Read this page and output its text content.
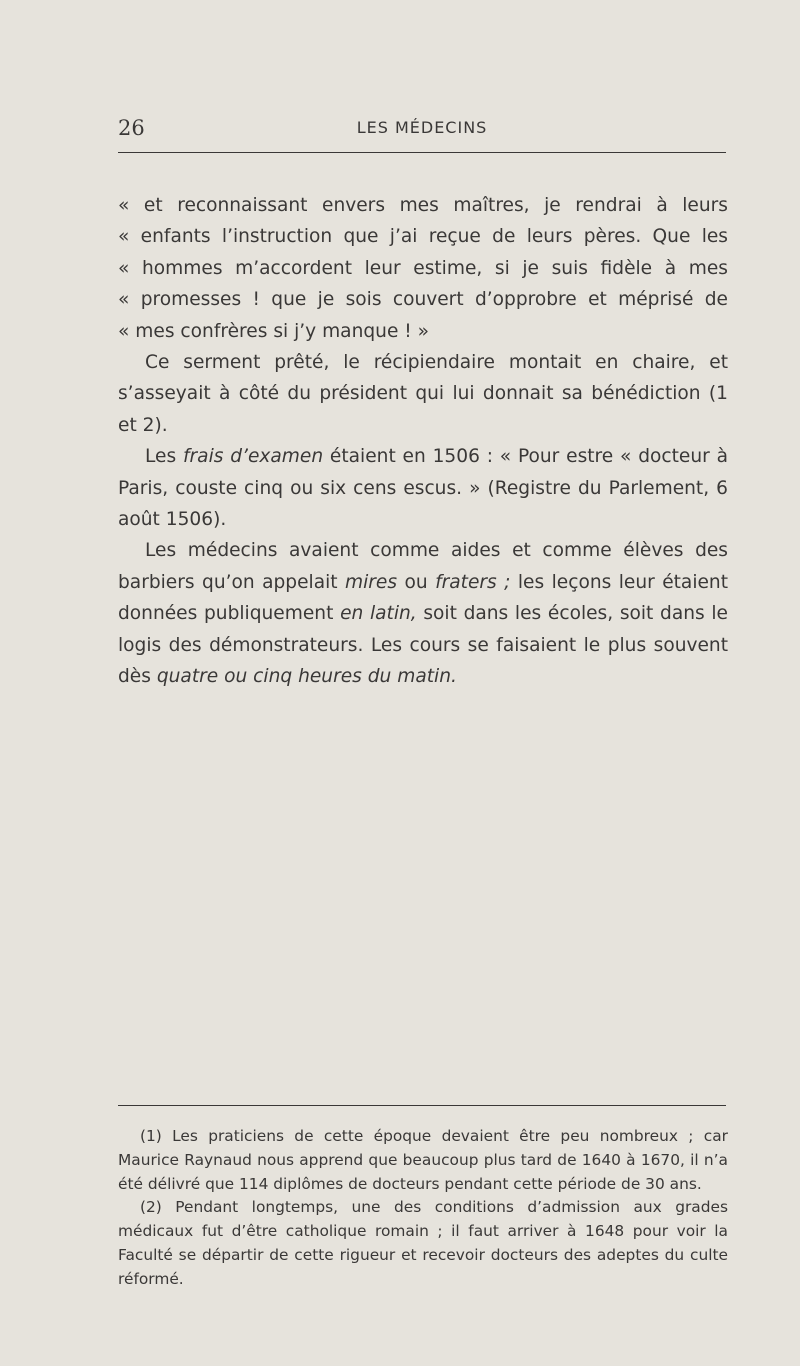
26	LES MÉDECINS

« et reconnaissant envers mes maîtres, je rendrai à leurs
« enfants l’instruction que j’ai reçue de leurs pères. Que les
« hommes m’accordent leur estime, si je suis fidèle à mes
« promesses ! que je sois couvert d’opprobre et méprisé de
« mes confrères si j’y manque ! »

Ce serment prêté, le récipiendaire montait en chaire, et s’asseyait à côté du président qui lui donnait sa bénédiction (1 et 2).

Les frais d’examen étaient en 1506 : « Pour estre « docteur à Paris, couste cinq ou six cens escus. » (Registre du Parlement, 6 août 1506).

Les médecins avaient comme aides et comme élèves des barbiers qu’on appelait mires ou fraters ; les leçons leur étaient données publiquement en latin, soit dans les écoles, soit dans le logis des démonstrateurs. Les cours se faisaient le plus souvent dès quatre ou cinq heures du matin.

(1) Les praticiens de cette époque devaient être peu nombreux ; car Maurice Raynaud nous apprend que beaucoup plus tard de 1640 à 1670, il n’a été délivré que 114 diplômes de docteurs pendant cette période de 30 ans.

(2) Pendant longtemps, une des conditions d’admission aux grades médicaux fut d’être catholique romain ; il faut arriver à 1648 pour voir la Faculté se départir de cette rigueur et recevoir docteurs des adeptes du culte réformé.
